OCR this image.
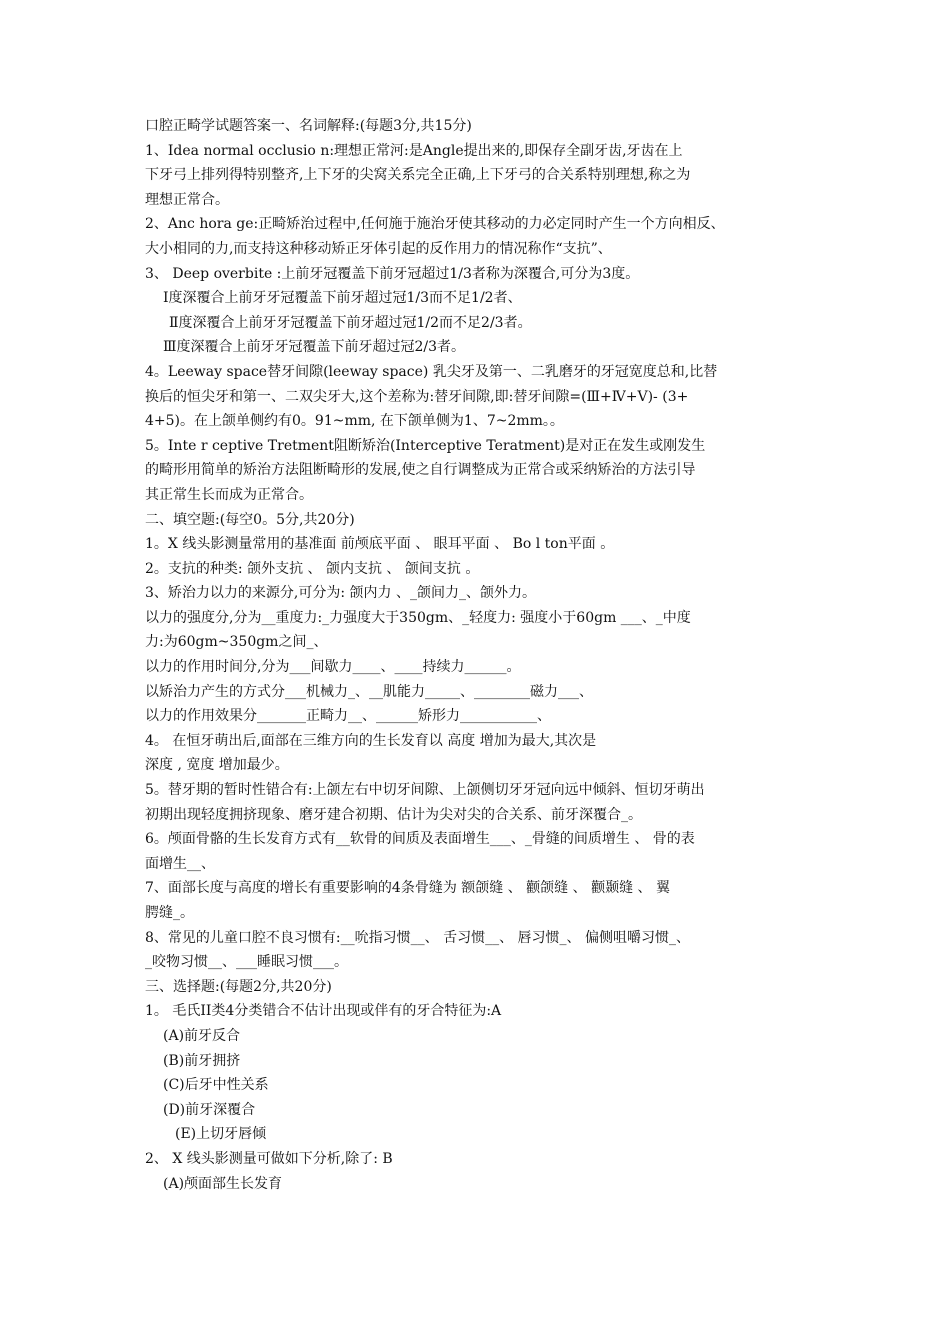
口腔正畸学试题答案一、名词解释:(每题3分,共15分)
1、Idea normal occlusio n:理想正常河:是Angle提出来的,即保存全副牙齿,牙齿在上
下牙弓上排列得特别整齐,上下牙的尖窝关系完全正确,上下牙弓的合关系特别理想,称之为
理想正常合。
2、Anc hora ge:正畸矫治过程中,任何施于施治牙使其移动的力必定同时产生一个方向相反、
大小相同的力,而支持这种移动矫正牙体引起的反作用力的情况称作“支抗”、
3、 Deep overbite :上前牙冠覆盖下前牙冠超过1/3者称为深覆合,可分为3度。
Ⅰ度深覆合上前牙牙冠覆盖下前牙超过冠1/3而不足1/2者、
Ⅱ度深覆合上前牙牙冠覆盖下前牙超过冠1/2而不足2/3者。
Ⅲ度深覆合上前牙牙冠覆盖下前牙超过冠2/3者。
4。Leeway space替牙间隙(leeway space) 乳尖牙及第一、二乳磨牙的牙冠宽度总和,比替
换后的恒尖牙和第一、二双尖牙大,这个差称为:替牙间隙,即:替牙间隙=(Ⅲ+Ⅳ+Ⅴ)- (3+
4+5)。在上颌单侧约有0。91~mm, 在下颌单侧为1、7~2mm。。
5。Inte r ceptive Tretment阻断矫治(Interceptive Teratment)是对正在发生或刚发生
的畸形用简单的矫治方法阻断畸形的发展,使之自行调整成为正常合或采纳矫治的方法引导
其正常生长而成为正常合。
二、填空题:(每空0。5分,共20分)
1。X 线头影测量常用的基准面 前颅底平面 、 眼耳平面 、 Bo l ton平面 。
2。支抗的种类: 颌外支抗 、 颌内支抗 、 颌间支抗 。
3、矫治力以力的来源分,可分为: 颌内力 、_颌间力_、颌外力。
以力的强度分,分为__重度力:_力强度大于350gm、_轻度力: 强度小于60gm ___、_中度
力:为60gm~350gm之间_、
以力的作用时间分,分为___间歇力____、____持续力______。
以矫治力产生的方式分___机械力_、__肌能力_____、________磁力___、
以力的作用效果分_______正畸力__、______矫形力___________、
4。 在恒牙萌出后,面部在三维方向的生长发育以 高度 增加为最大,其次是
深度 , 宽度 增加最少。
5。替牙期的暂时性错合有:上颌左右中切牙间隙、上颌侧切牙牙冠向远中倾斜、恒切牙萌出
初期出现轻度拥挤现象、磨牙建合初期、估计为尖对尖的合关系、前牙深覆合_。
6。颅面骨骼的生长发育方式有__软骨的间质及表面增生___、_骨缝的间质增生 、 骨的表
面增生__、
7、面部长度与高度的增长有重要影响的4条骨缝为 额颌缝 、 颧颌缝 、 颧颞缝 、 翼
腭缝_。
8、常见的儿童口腔不良习惯有:__吮指习惯__、 舌习惯__、 唇习惯_、 偏侧咀嚼习惯_、
_咬物习惯__、___睡眠习惯___。
三、选择题:(每题2分,共20分)
1。 毛氏II类4分类错合不估计出现或伴有的牙合特征为:A
(A)前牙反合
(B)前牙拥挤
(C)后牙中性关系
(D)前牙深覆合
(E)上切牙唇倾
2、 X 线头影测量可做如下分析,除了: B
(A)颅面部生长发育
